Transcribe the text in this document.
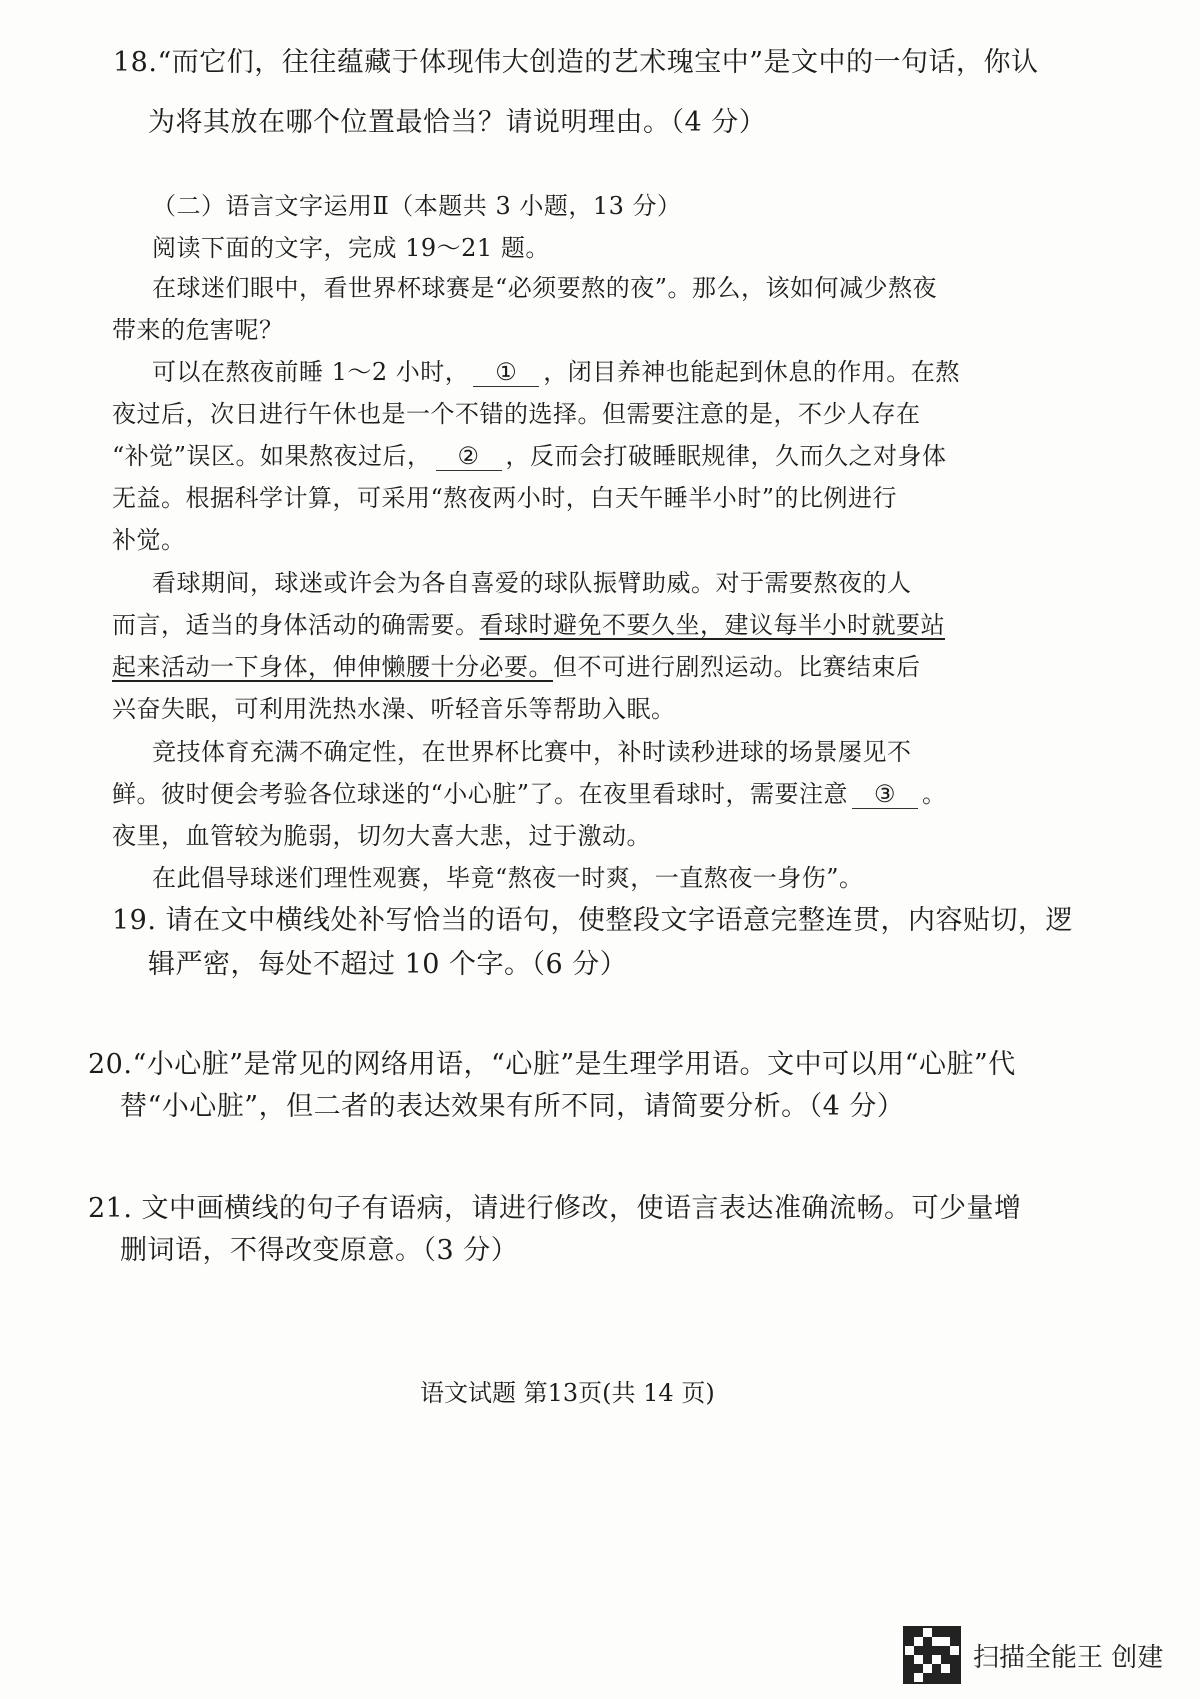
18.“而它们，往往蕴藏于体现伟大创造的艺术瑰宝中”是文中的一句话，你认
为将其放在哪个位置最恰当？请说明理由。（4 分）
（二）语言文字运用Ⅱ（本题共 3 小题，13 分）
阅读下面的文字，完成 19～21 题。
在球迷们眼中，看世界杯球赛是“必须要熬的夜”。那么，该如何减少熬夜
带来的危害呢？
可以在熬夜前睡 1～2 小时， ① ，闭目养神也能起到休息的作用。在熬
夜过后，次日进行午休也是一个不错的选择。但需要注意的是，不少人存在
“补觉”误区。如果熬夜过后， ② ，反而会打破睡眠规律，久而久之对身体
无益。根据科学计算，可采用“熬夜两小时，白天午睡半小时”的比例进行
补觉。
看球期间，球迷或许会为各自喜爱的球队振臂助威。对于需要熬夜的人
而言，适当的身体活动的确需要。看球时避免不要久坐，建议每半小时就要站
起来活动一下身体，伸伸懒腰十分必要。但不可进行剧烈运动。比赛结束后
兴奋失眠，可利用洗热水澡、听轻音乐等帮助入眠。
竞技体育充满不确定性，在世界杯比赛中，补时读秒进球的场景屡见不
鲜。彼时便会考验各位球迷的“小心脏”了。在夜里看球时，需要注意 ③ 。
夜里，血管较为脆弱，切勿大喜大悲，过于激动。
在此倡导球迷们理性观赛，毕竟“熬夜一时爽，一直熬夜一身伤”。
19. 请在文中横线处补写恰当的语句，使整段文字语意完整连贯，内容贴切，逻
辑严密，每处不超过 10 个字。（6 分）
20.“小心脏”是常见的网络用语，“心脏”是生理学用语。文中可以用“心脏”代
替“小心脏”，但二者的表达效果有所不同，请简要分析。（4 分）
21. 文中画横线的句子有语病，请进行修改，使语言表达准确流畅。可少量增
删词语，不得改变原意。（3 分）
语文试题 第13页(共 14 页)
扫描全能王 创建
